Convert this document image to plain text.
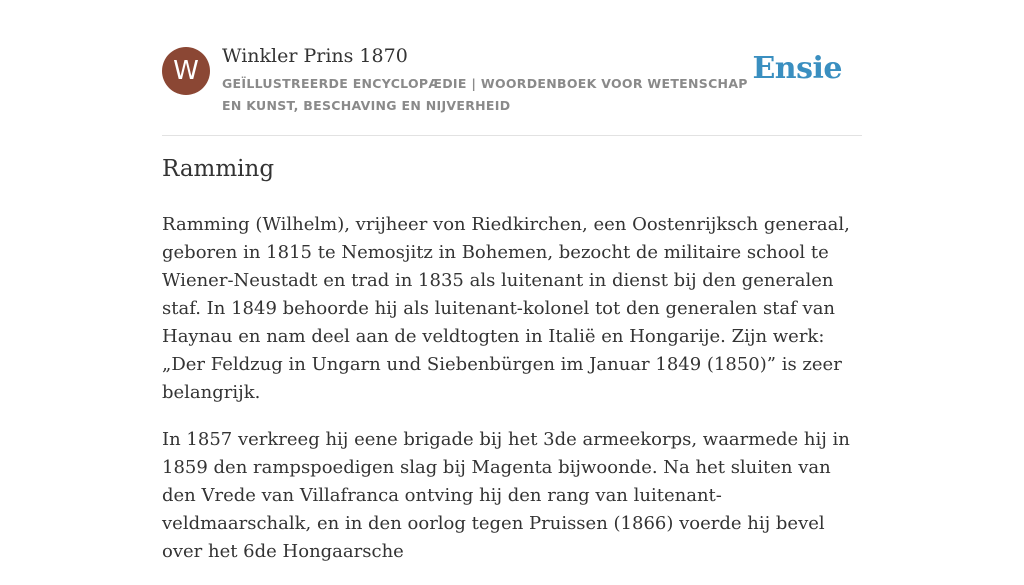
W	Winkler Prins 1870
GEÏLLUSTREERDE ENCYCLOPÆDIE | WOORDENBOEK VOOR WETENSCHAP EN KUNST, BESCHAVING EN NIJVERHEID
Ensie
Ramming

Ramming (Wilhelm), vrijheer von Riedkirchen, een Oostenrijksch generaal, geboren in 1815 te Nemosjitz in Bohemen, bezocht de militaire school te Wiener-Neustadt en trad in 1835 als luitenant in dienst bij den generalen staf. In 1849 behoorde hij als luitenant-kolonel tot den generalen staf van Haynau en nam deel aan de veldtogten in Italië en Hongarije. Zijn werk: „Der Feldzug in Ungarn und Siebenbürgen im Januar 1849 (1850)” is zeer belangrijk.

In 1857 verkreeg hij eene brigade bij het 3de armeekorps, waarmede hij in 1859 den rampspoedigen slag bij Magenta bijwoonde. Na het sluiten van den Vrede van Villafranca ontving hij den rang van luitenant-veldmaarschalk, en in den oorlog tegen Pruissen (1866) voerde hij bevel over het 6de Hongaarsche
